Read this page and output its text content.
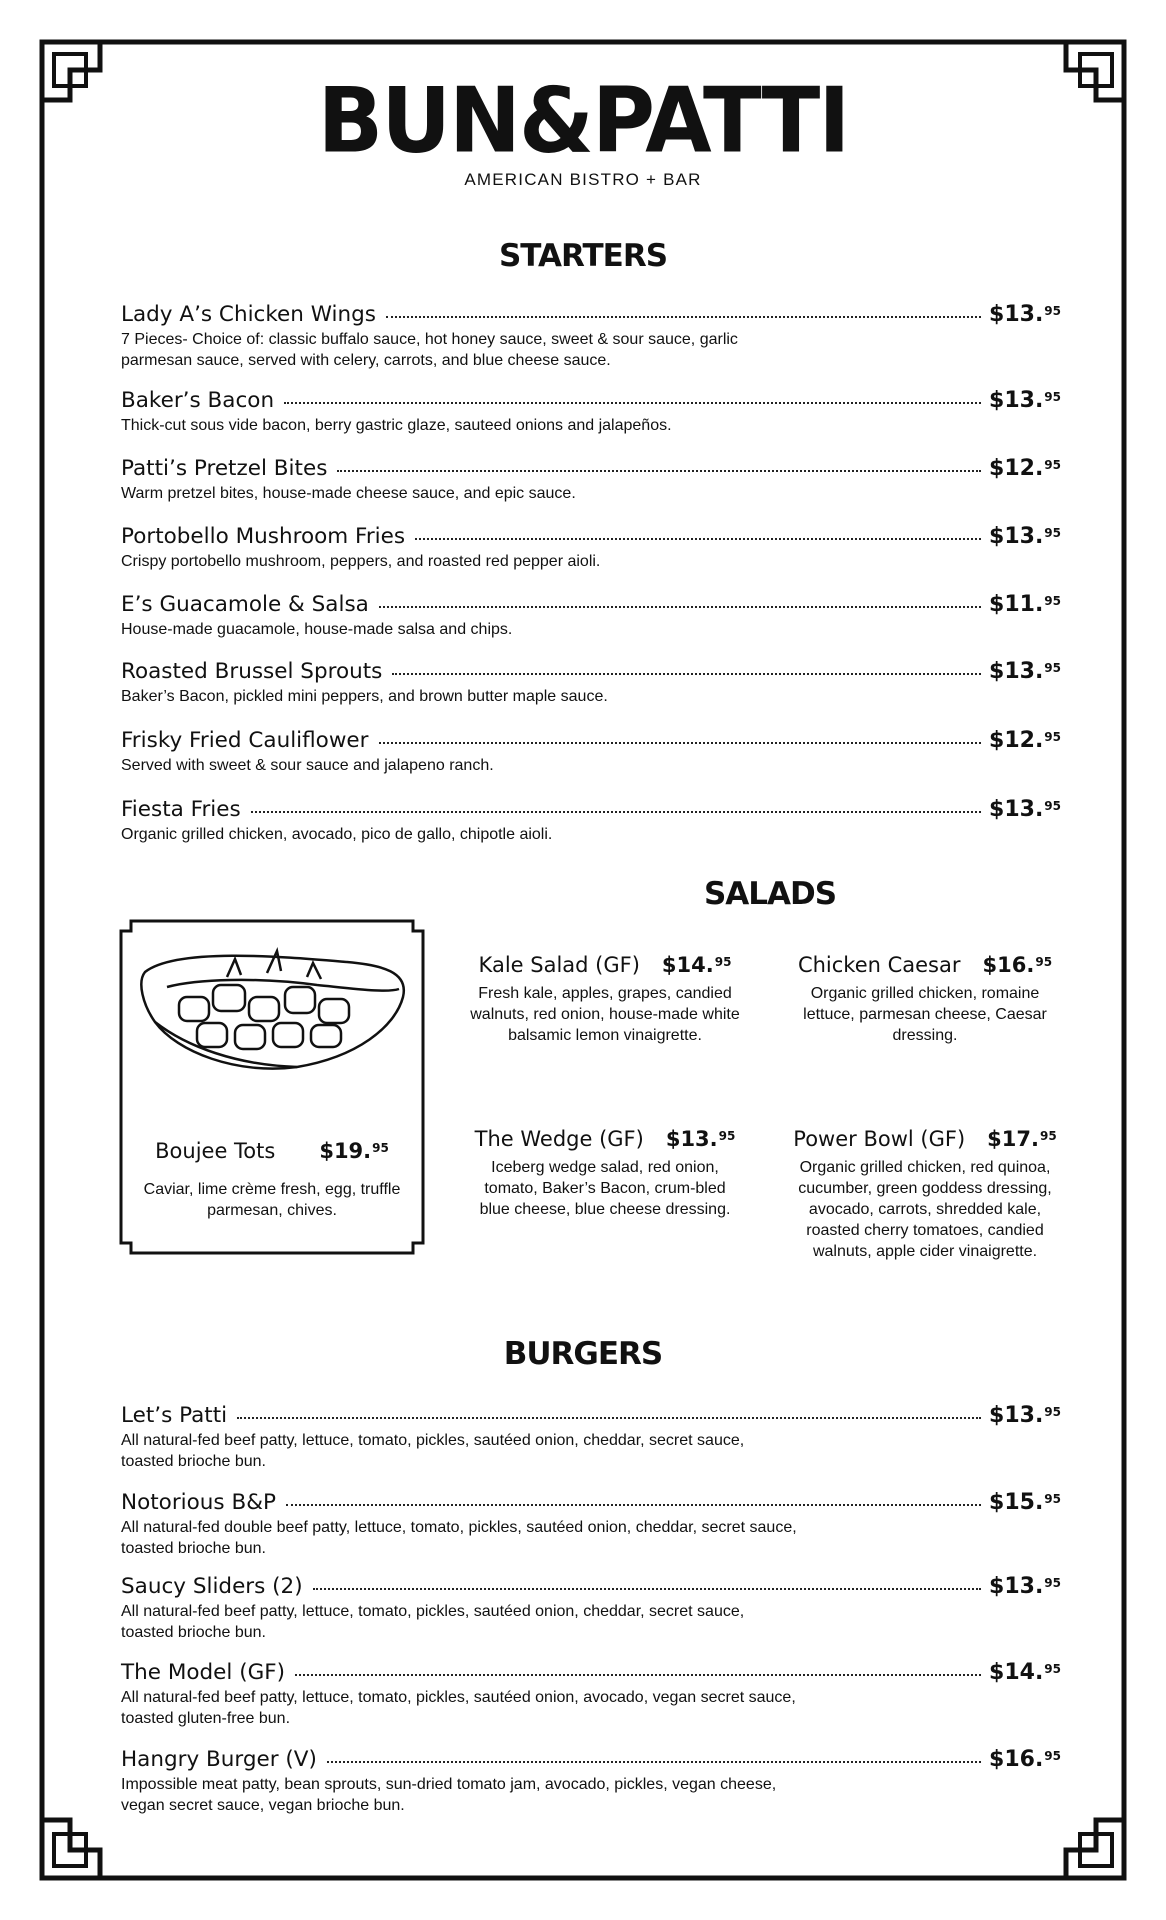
BUN&PATTI
AMERICAN BISTRO + BAR
STARTERS
Lady A’s Chicken Wings	$13.95
7 Pieces- Choice of: classic buffalo sauce, hot honey sauce, sweet & sour sauce, garlic parmesan sauce, served with celery, carrots, and blue cheese sauce.
Baker’s Bacon	$13.95
Thick-cut sous vide bacon, berry gastric glaze, sauteed onions and jalapeños.
Patti’s Pretzel Bites	$12.95
Warm pretzel bites, house-made cheese sauce, and epic sauce.
Portobello Mushroom Fries	$13.95
Crispy portobello mushroom, peppers, and roasted red pepper aioli.
E’s Guacamole & Salsa	$11.95
House-made guacamole, house-made salsa and chips.
Roasted Brussel Sprouts	$13.95
Baker’s Bacon, pickled mini peppers, and brown butter maple sauce.
Frisky Fried Cauliflower	$12.95
Served with sweet & sour sauce and jalapeno ranch.
Fiesta Fries	$13.95
Organic grilled chicken, avocado, pico de gallo, chipotle aioli.
SALADS
Boujee Tots $19.95
Caviar, lime crème fresh, egg, truffle parmesan, chives.
Kale Salad (GF) $14.95
Fresh kale, apples, grapes, candied walnuts, red onion, house-made white balsamic lemon vinaigrette.
Chicken Caesar $16.95
Organic grilled chicken, romaine lettuce, parmesan cheese, Caesar dressing.
The Wedge (GF) $13.95
Iceberg wedge salad, red onion, tomato, Baker’s Bacon, crum-bled blue cheese, blue cheese dressing.
Power Bowl (GF) $17.95
Organic grilled chicken, red quinoa, cucumber, green goddess dressing, avocado, carrots, shredded kale, roasted cherry tomatoes, candied walnuts, apple cider vinaigrette.
BURGERS
Let’s Patti	$13.95
All natural-fed beef patty, lettuce, tomato, pickles, sautéed onion, cheddar, secret sauce, toasted brioche bun.
Notorious B&P	$15.95
All natural-fed double beef patty, lettuce, tomato, pickles, sautéed onion, cheddar, secret sauce, toasted brioche bun.
Saucy Sliders (2)	$13.95
All natural-fed beef patty, lettuce, tomato, pickles, sautéed onion, cheddar, secret sauce, toasted brioche bun.
The Model (GF)	$14.95
All natural-fed beef patty, lettuce, tomato, pickles, sautéed onion, avocado, vegan secret sauce, toasted gluten-free bun.
Hangry Burger (V)	$16.95
Impossible meat patty, bean sprouts, sun-dried tomato jam, avocado, pickles, vegan cheese, vegan secret sauce, vegan brioche bun.
